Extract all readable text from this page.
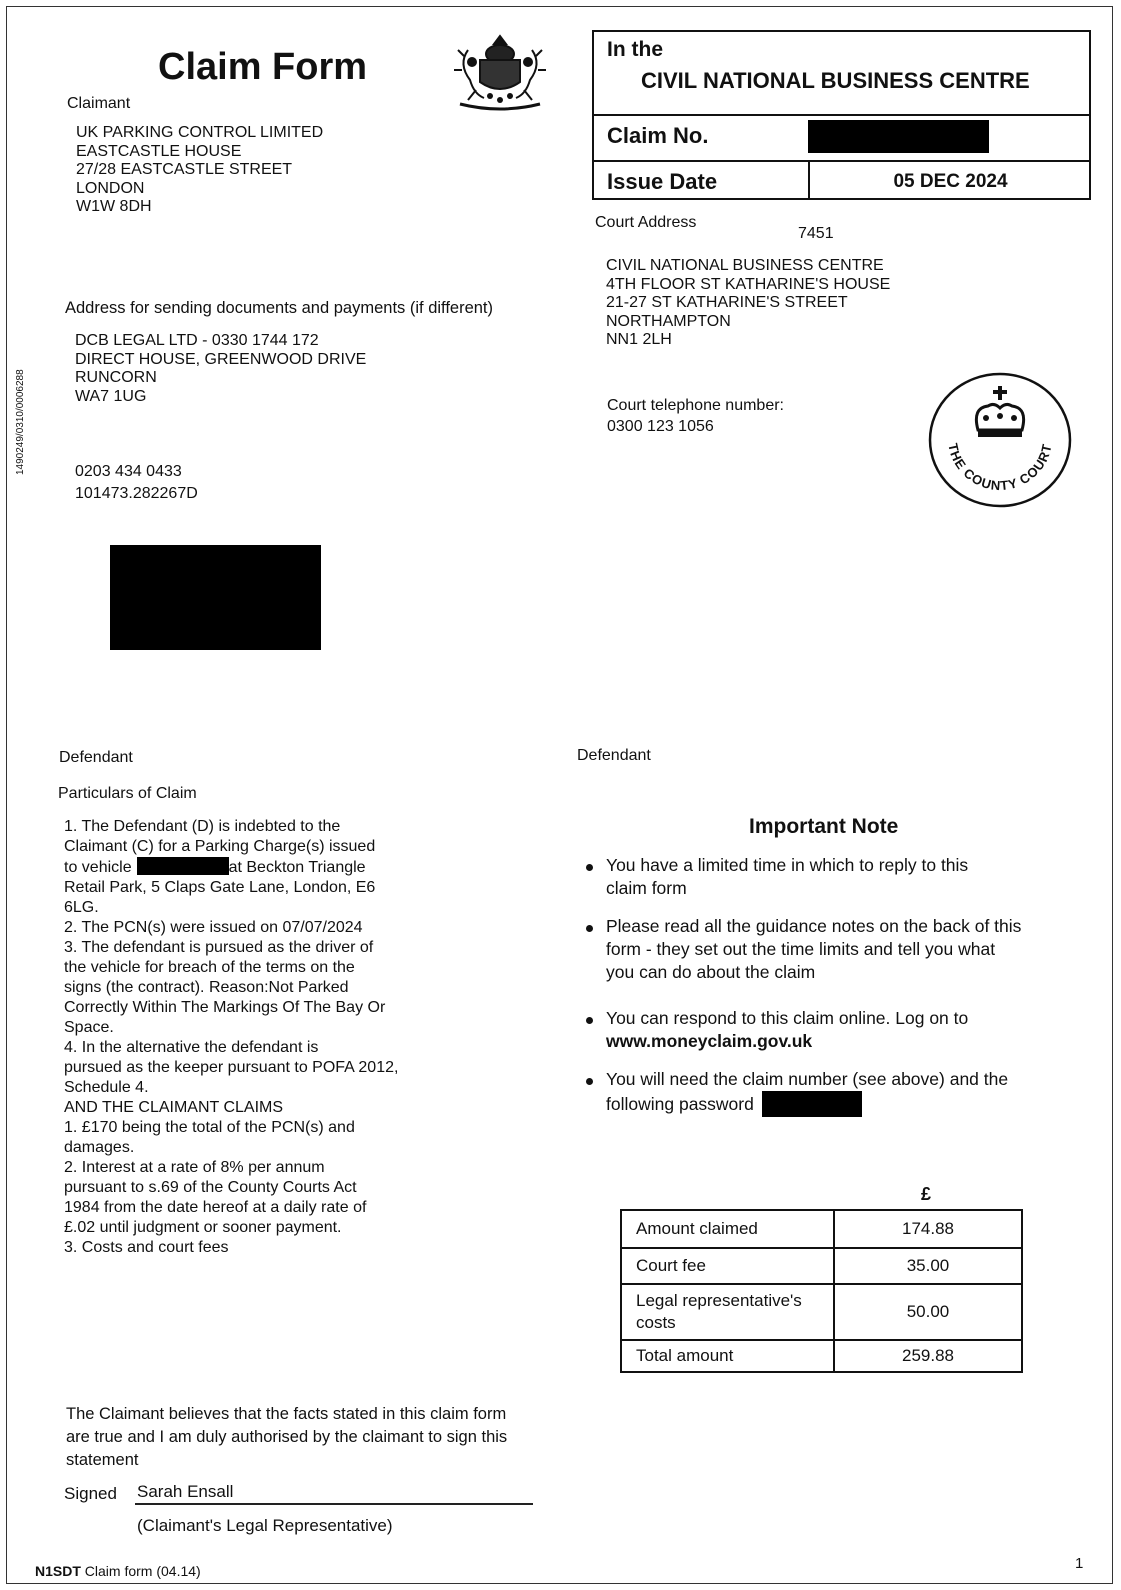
1490249/0310/0006288
Claim Form
Claimant
UK PARKING CONTROL LIMITED
EASTCASTLE HOUSE
27/28 EASTCASTLE STREET
LONDON
W1W 8DH
In the
CIVIL NATIONAL BUSINESS CENTRE
Claim No.
Issue Date	05 DEC 2024
Court Address
7451
CIVIL NATIONAL BUSINESS CENTRE
4TH FLOOR ST KATHARINE'S HOUSE
21-27 ST KATHARINE'S STREET
NORTHAMPTON
NN1 2LH
Court telephone number:
0300 123 1056
THE COUNTY COURT
Address for sending documents and payments (if different)
DCB LEGAL LTD - 0330 1744 172
DIRECT HOUSE, GREENWOOD DRIVE
RUNCORN
WA7 1UG
0203 434 0433
101473.282267D
Defendant	Defendant
Particulars of Claim
1. The Defendant (D) is indebted to the
Claimant (C) for a Parking Charge(s) issued
to vehicle	at Beckton Triangle
Retail Park, 5 Claps Gate Lane, London, E6
6LG.
2. The PCN(s) were issued on 07/07/2024
3. The defendant is pursued as the driver of
the vehicle for breach of the terms on the
signs (the contract). Reason:Not Parked
Correctly Within The Markings Of The Bay Or
Space.
4. In the alternative the defendant is
pursued as the keeper pursuant to POFA 2012,
Schedule 4.
AND THE CLAIMANT CLAIMS
1. £170 being the total of the PCN(s) and
damages.
2. Interest at a rate of 8% per annum
pursuant to s.69 of the County Courts Act
1984 from the date hereof at a daily rate of
£.02 until judgment or sooner payment.
3. Costs and court fees
Important Note
You have a limited time in which to reply to this
claim form
Please read all the guidance notes on the back of this
form - they set out the time limits and tell you what
you can do about the claim
You can respond to this claim online. Log on to
www.moneyclaim.gov.uk
You will need the claim number (see above) and the
following password
£
Amount claimed	174.88
Court fee	35.00
Legal representative's costs	50.00
Total amount	259.88
The Claimant believes that the facts stated in this claim form
are true and I am duly authorised by the claimant to sign this
statement
Signed Sarah Ensall
(Claimant's Legal Representative)
N1SDT Claim form (04.14)	1
